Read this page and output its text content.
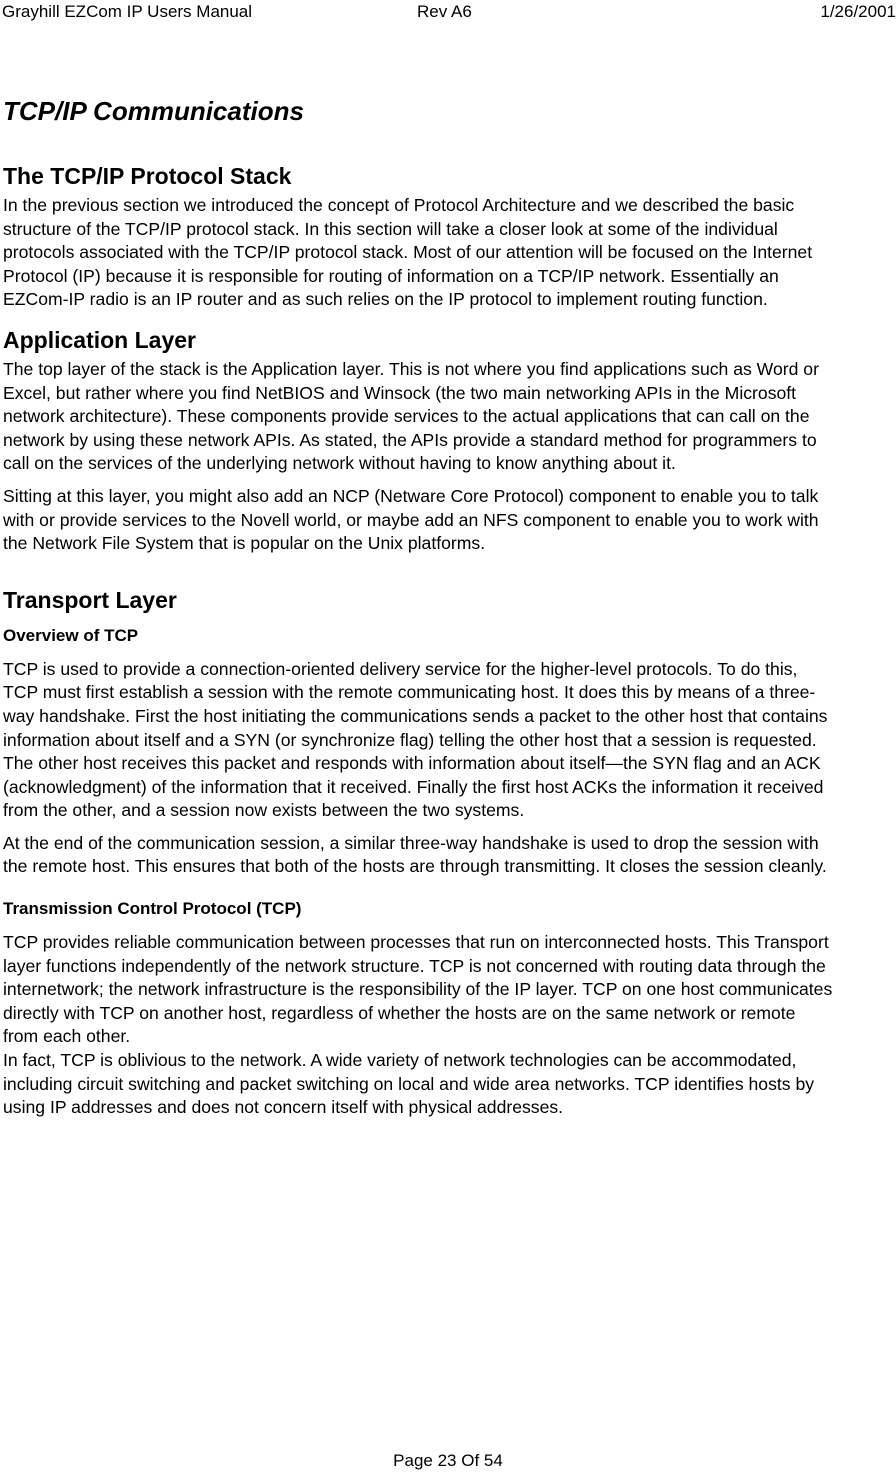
Grayhill EZCom IP Users Manual	Rev A6	1/26/2001
TCP/IP Communications
The TCP/IP Protocol Stack

In the previous section we introduced the concept of Protocol Architecture and we described the basic structure of the TCP/IP protocol stack. In this section will take a closer look at some of the individual protocols associated with the TCP/IP protocol stack. Most of our attention will be focused on the Internet Protocol (IP) because it is responsible for routing of information on a TCP/IP network. Essentially an EZCom-IP radio is an IP router and as such relies on the IP protocol to implement routing function.

Application Layer

The top layer of the stack is the Application layer. This is not where you find applications such as Word or Excel, but rather where you find NetBIOS and Winsock (the two main networking APIs in the Microsoft network architecture). These components provide services to the actual applications that can call on the network by using these network APIs. As stated, the APIs provide a standard method for programmers to call on the services of the underlying network without having to know anything about it.

Sitting at this layer, you might also add an NCP (Netware Core Protocol) component to enable you to talk with or provide services to the Novell world, or maybe add an NFS component to enable you to work with the Network File System that is popular on the Unix platforms.

Transport Layer
Overview of TCP

TCP is used to provide a connection-oriented delivery service for the higher-level protocols. To do this, TCP must first establish a session with the remote communicating host. It does this by means of a three-way handshake. First the host initiating the communications sends a packet to the other host that contains information about itself and a SYN (or synchronize flag) telling the other host that a session is requested. The other host receives this packet and responds with information about itself—the SYN flag and an ACK (acknowledgment) of the information that it received. Finally the first host ACKs the information it received from the other, and a session now exists between the two systems.

At the end of the communication session, a similar three-way handshake is used to drop the session with the remote host. This ensures that both of the hosts are through transmitting. It closes the session cleanly.

Transmission Control Protocol (TCP)

TCP provides reliable communication between processes that run on interconnected hosts. This Transport layer functions independently of the network structure. TCP is not concerned with routing data through the internetwork; the network infrastructure is the responsibility of the IP layer. TCP on one host communicates directly with TCP on another host, regardless of whether the hosts are on the same network or remote from each other.

In fact, TCP is oblivious to the network. A wide variety of network technologies can be accommodated, including circuit switching and packet switching on local and wide area networks. TCP identifies hosts by using IP addresses and does not concern itself with physical addresses.

Page 23 Of 54
